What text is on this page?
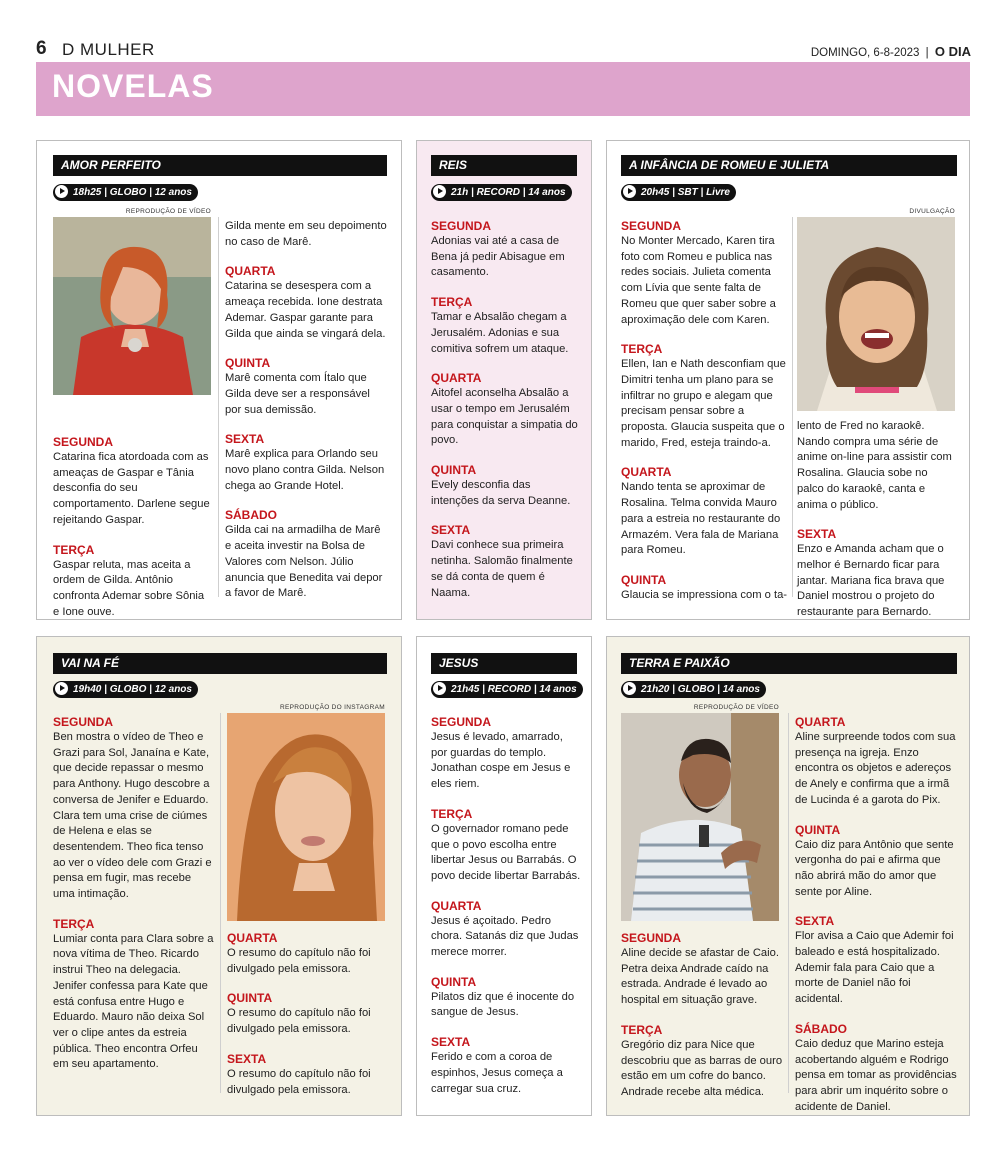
6 D MULHER	DOMINGO, 6-8-2023 | O DIA
NOVELAS
AMOR PERFEITO
18h25 | GLOBO | 12 anos
REPRODUÇÃO DE VÍDEO
SEGUNDA

Catarina fica atordoada com as ameaças de Gaspar e Tânia desconfia do seu comportamento. Darlene segue rejeitando Gaspar.

TERÇA

Gaspar reluta, mas aceita a ordem de Gilda. Antônio confronta Ademar sobre Sônia e Ione ouve.

Gilda mente em seu depoimento no caso de Marê.

QUARTA

Catarina se desespera com a ameaça recebida. Ione destrata Ademar. Gaspar garante para Gilda que ainda se vingará dela.

QUINTA

Marê comenta com Ítalo que Gilda deve ser a responsável por sua demissão.

SEXTA

Marê explica para Orlando seu novo plano contra Gilda. Nelson chega ao Grande Hotel.

SÁBADO

Gilda cai na armadilha de Marê e aceita investir na Bolsa de Valores com Nelson. Júlio anuncia que Benedita vai depor a favor de Marê.

REIS
21h | RECORD | 14 anos
SEGUNDA

Adonias vai até a casa de Bena já pedir Abisague em casamento.

TERÇA

Tamar e Absalão chegam a Jerusalém. Adonias e sua comitiva sofrem um ataque.

QUARTA

Aitofel aconselha Absalão a usar o tempo em Jerusalém para conquistar a simpatia do povo.

QUINTA

Evely desconfia das intenções da serva Deanne.

SEXTA

Davi conhece sua primeira netinha. Salomão finalmente se dá conta de quem é Naama.

A INFÂNCIA DE ROMEU E JULIETA
20h45 | SBT | Livre
SEGUNDA

No Monter Mercado, Karen tira foto com Romeu e publica nas redes sociais. Julieta comenta com Lívia que sente falta de Romeu que quer saber sobre a aproximação dele com Karen.

TERÇA

Ellen, Ian e Nath desconfiam que Dimitri tenha um plano para se infiltrar no grupo e alegam que precisam pensar sobre a proposta. Glaucia suspeita que o marido, Fred, esteja traindo-a.

QUARTA

Nando tenta se aproximar de Rosalina. Telma convida Mauro para a estreia no restaurante do Armazém. Vera fala de Mariana para Romeu.

QUINTA

Glaucia se impressiona com o ta-

DIVULGAÇÃO

lento de Fred no karaokê. Nando compra uma série de anime on-line para assistir com Rosalina. Glaucia sobe no palco do karaokê, canta e anima o público.

SEXTA

Enzo e Amanda acham que o melhor é Bernardo ficar para jantar. Mariana fica brava que Daniel mostrou o projeto do restaurante para Bernardo.

VAI NA FÉ
19h40 | GLOBO | 12 anos
SEGUNDA

Ben mostra o vídeo de Theo e Grazi para Sol, Janaína e Kate, que decide repassar o mesmo para Anthony. Hugo descobre a conversa de Jenifer e Eduardo. Clara tem uma crise de ciúmes de Helena e elas se desentendem. Theo fica tenso ao ver o vídeo dele com Grazi e pensa em fugir, mas recebe uma intimação.

TERÇA

Lumiar conta para Clara sobre a nova vítima de Theo. Ricardo instrui Theo na delegacia. Jenifer confessa para Kate que está confusa entre Hugo e Eduardo. Mauro não deixa Sol ver o clipe antes da estreia pública. Theo encontra Orfeu em seu apartamento.

REPRODUÇÃO DO INSTAGRAM
QUARTA

O resumo do capítulo não foi divulgado pela emissora.

QUINTA

O resumo do capítulo não foi divulgado pela emissora.

SEXTA

O resumo do capítulo não foi divulgado pela emissora.

JESUS
21h45 | RECORD | 14 anos
SEGUNDA

Jesus é levado, amarrado, por guardas do templo. Jonathan cospe em Jesus e eles riem.

TERÇA

O governador romano pede que o povo escolha entre libertar Jesus ou Barrabás. O povo decide libertar Barrabás.

QUARTA

Jesus é açoitado. Pedro chora. Satanás diz que Judas merece morrer.

QUINTA

Pilatos diz que é inocente do sangue de Jesus.

SEXTA

Ferido e com a coroa de espinhos, Jesus começa a carregar sua cruz.

TERRA E PAIXÃO
21h20 | GLOBO | 14 anos
REPRODUÇÃO DE VÍDEO
SEGUNDA

Aline decide se afastar de Caio. Petra deixa Andrade caído na estrada. Andrade é levado ao hospital em situação grave.

TERÇA

Gregório diz para Nice que descobriu que as barras de ouro estão em um cofre do banco. Andrade recebe alta médica.

QUARTA

Aline surpreende todos com sua presença na igreja. Enzo encontra os objetos e adereços de Anely e confirma que a irmã de Lucinda é a garota do Pix.

QUINTA

Caio diz para Antônio que sente vergonha do pai e afirma que não abrirá mão do amor que sente por Aline.

SEXTA

Flor avisa a Caio que Ademir foi baleado e está hospitalizado. Ademir fala para Caio que a morte de Daniel não foi acidental.

SÁBADO

Caio deduz que Marino esteja acobertando alguém e Rodrigo pensa em tomar as providências para abrir um inquérito sobre o acidente de Daniel.
